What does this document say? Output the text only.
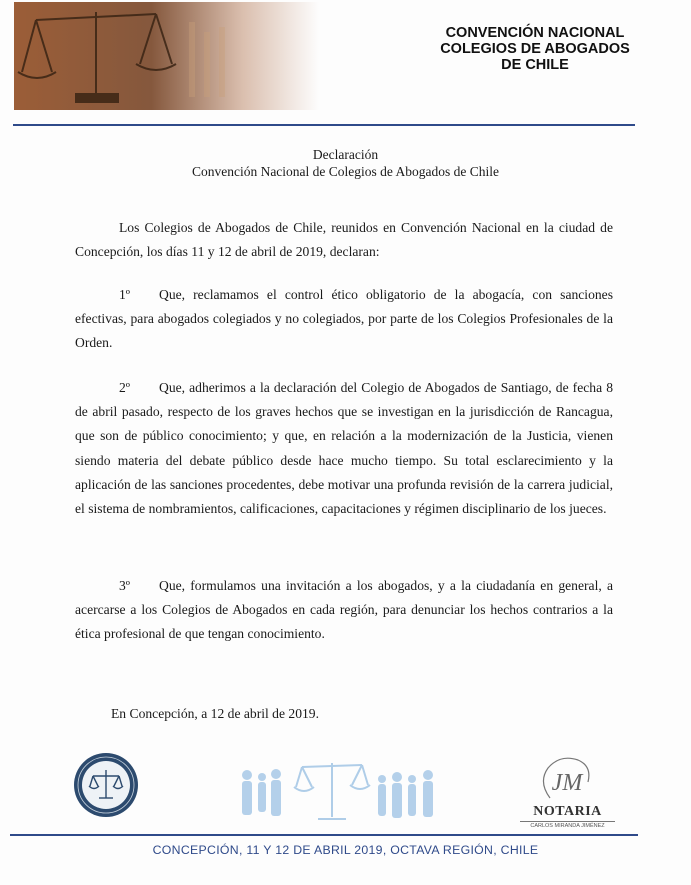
CONVENCIÓN NACIONAL
COLEGIOS DE ABOGADOS
DE CHILE
Declaración
Convención Nacional de Colegios de Abogados de Chile
Los Colegios de Abogados de Chile, reunidos en Convención Nacional en la ciudad de Concepción, los días 11 y 12 de abril de 2019, declaran:
1º Que, reclamamos el control ético obligatorio de la abogacía, con sanciones efectivas, para abogados colegiados y no colegiados, por parte de los Colegios Profesionales de la Orden.
2º Que, adherimos a la declaración del Colegio de Abogados de Santiago, de fecha 8 de abril pasado, respecto de los graves hechos que se investigan en la jurisdicción de Rancagua, que son de público conocimiento; y que, en relación a la modernización de la Justicia, vienen siendo materia del debate público desde hace mucho tiempo. Su total esclarecimiento y la aplicación de las sanciones procedentes, debe motivar una profunda revisión de la carrera judicial, el sistema de nombramientos, calificaciones, capacitaciones y régimen disciplinario de los jueces.
3º Que, formulamos una invitación a los abogados, y a la ciudadanía en general, a acercarse a los Colegios de Abogados en cada región, para denunciar los hechos contrarios a la ética profesional de que tengan conocimiento.
En Concepción, a 12 de abril de 2019.
JM
NOTARIA
CARLOS MIRANDA JIMÉNEZ
CONCEPCIÓN, 11 Y 12 DE ABRIL 2019, OCTAVA REGIÓN, CHILE
